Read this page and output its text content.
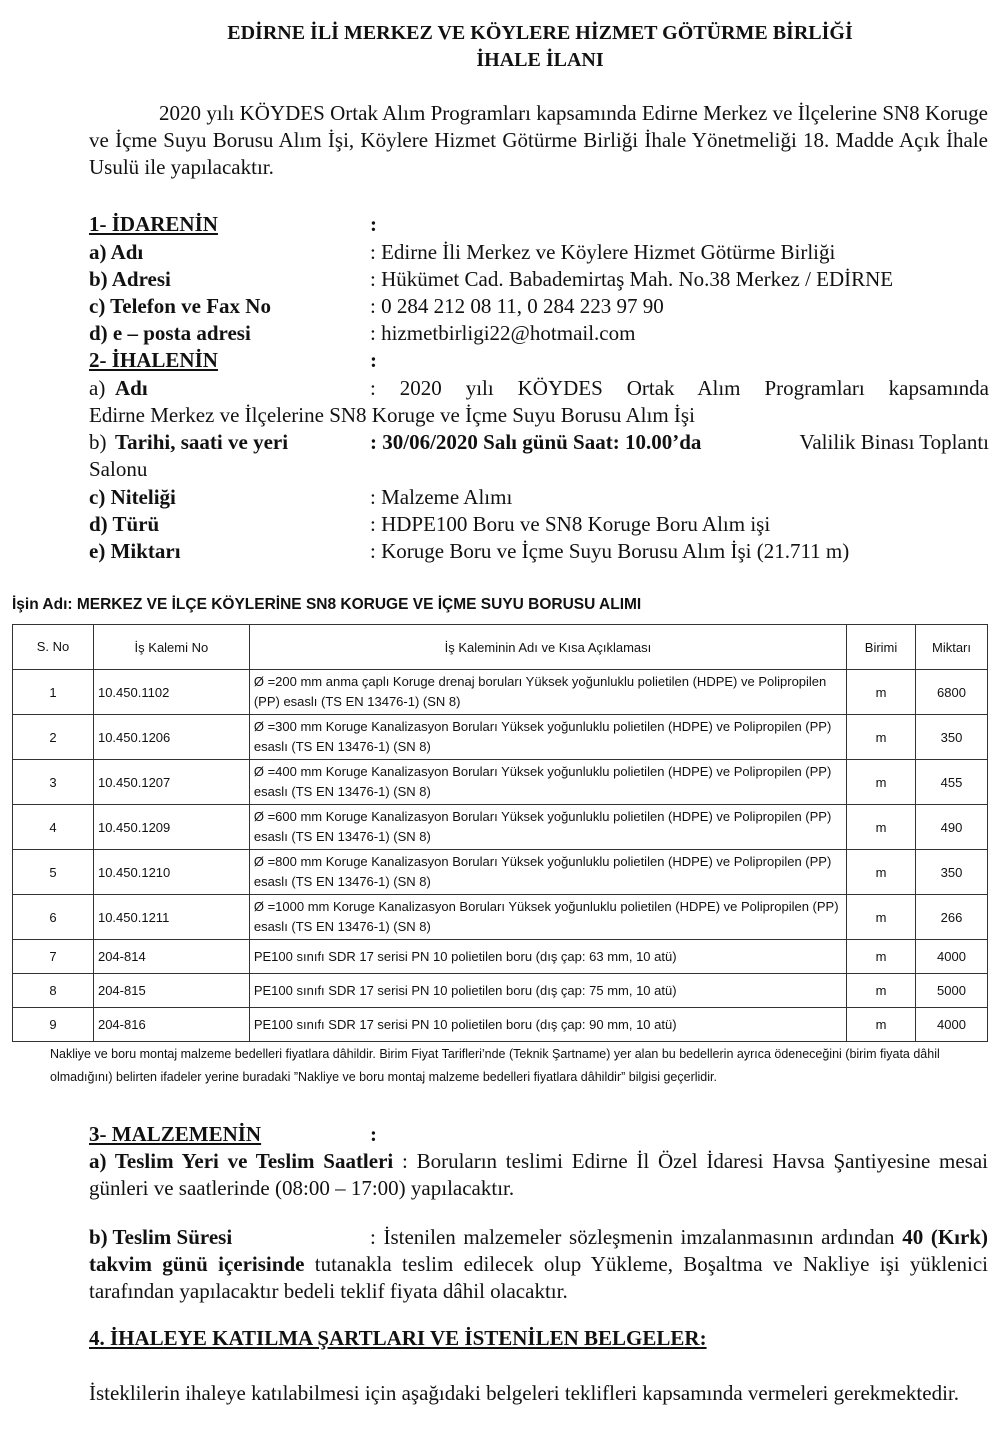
EDİRNE İLİ MERKEZ VE KÖYLERE HİZMET GÖTÜRME BİRLİĞİ
İHALE İLANI
2020 yılı KÖYDES Ortak Alım Programları kapsamında Edirne Merkez ve İlçelerine SN8 Koruge ve İçme Suyu Borusu Alım İşi, Köylere Hizmet Götürme Birliği İhale Yönetmeliği 18. Madde Açık İhale Usulü ile yapılacaktır.
1- İDARENİN	:
a) Adı	: Edirne İli Merkez ve Köylere Hizmet Götürme Birliği
b) Adresi	: Hükümet Cad. Babademirtaş Mah. No.38 Merkez / EDİRNE
c) Telefon ve Fax No	: 0 284 212 08 11, 0 284 223 97 90
d) e – posta adresi	: hizmetbirligi22@hotmail.com
2- İHALENİN	:
a) Adı	: 2020 yılı KÖYDES Ortak Alım Programları kapsamında
Edirne Merkez ve İlçelerine SN8 Koruge ve İçme Suyu Borusu Alım İşi
b) Tarihi, saati ve yeri	: 30/06/2020 Salı günü Saat: 10.00’da	Valilik Binası Toplantı
Salonu
c) Niteliği	: Malzeme Alımı
d) Türü	: HDPE100 Boru ve SN8 Koruge Boru Alım işi
e) Miktarı	: Koruge Boru ve İçme Suyu Borusu Alım İşi (21.711 m)
İşin Adı: MERKEZ VE İLÇE KÖYLERİNE SN8 KORUGE VE İÇME SUYU BORUSU ALIMI
S. No	İş Kalemi No	İş Kaleminin Adı ve Kısa Açıklaması	Birimi	Miktarı
1	10.450.1102	Ø =200 mm anma çaplı Koruge drenaj boruları Yüksek yoğunluklu polietilen (HDPE) ve Polipropilen (PP) esaslı (TS EN 13476-1) (SN 8)	m	6800
2	10.450.1206	Ø =300 mm Koruge Kanalizasyon Boruları Yüksek yoğunluklu polietilen (HDPE) ve Polipropilen (PP) esaslı (TS EN 13476-1) (SN 8)	m	350
3	10.450.1207	Ø =400 mm Koruge Kanalizasyon Boruları Yüksek yoğunluklu polietilen (HDPE) ve Polipropilen (PP) esaslı (TS EN 13476-1) (SN 8)	m	455
4	10.450.1209	Ø =600 mm Koruge Kanalizasyon Boruları Yüksek yoğunluklu polietilen (HDPE) ve Polipropilen (PP) esaslı (TS EN 13476-1) (SN 8)	m	490
5	10.450.1210	Ø =800 mm Koruge Kanalizasyon Boruları Yüksek yoğunluklu polietilen (HDPE) ve Polipropilen (PP) esaslı (TS EN 13476-1) (SN 8)	m	350
6	10.450.1211	Ø =1000 mm Koruge Kanalizasyon Boruları Yüksek yoğunluklu polietilen (HDPE) ve Polipropilen (PP) esaslı (TS EN 13476-1) (SN 8)	m	266
7	204-814	PE100 sınıfı SDR 17 serisi PN 10 polietilen boru (dış çap: 63 mm, 10 atü)	m	4000
8	204-815	PE100 sınıfı SDR 17 serisi PN 10 polietilen boru (dış çap: 75 mm, 10 atü)	m	5000
9	204-816	PE100 sınıfı SDR 17 serisi PN 10 polietilen boru (dış çap: 90 mm, 10 atü)	m	4000
Nakliye ve boru montaj malzeme bedelleri fiyatlara dâhildir. Birim Fiyat Tarifleri’nde (Teknik Şartname) yer alan bu bedellerin ayrıca ödeneceğini (birim fiyata dâhil olmadığını) belirten ifadeler yerine buradaki ”Nakliye ve boru montaj malzeme bedelleri fiyatlara dâhildir” bilgisi geçerlidir.
3- MALZEMENİN	:
a) Teslim Yeri ve Teslim Saatleri : Boruların teslimi Edirne İl Özel İdaresi Havsa Şantiyesine mesai günleri ve saatlerinde (08:00 – 17:00) yapılacaktır.
b) Teslim Süresi	: İstenilen malzemeler sözleşmenin imzalanmasının ardından 40 (Kırk) takvim günü içerisinde tutanakla teslim edilecek olup Yükleme, Boşaltma ve Nakliye işi yüklenici tarafından yapılacaktır bedeli teklif fiyata dâhil olacaktır.
4. İHALEYE KATILMA ŞARTLARI VE İSTENİLEN BELGELER:
İsteklilerin ihaleye katılabilmesi için aşağıdaki belgeleri teklifleri kapsamında vermeleri gerekmektedir.
